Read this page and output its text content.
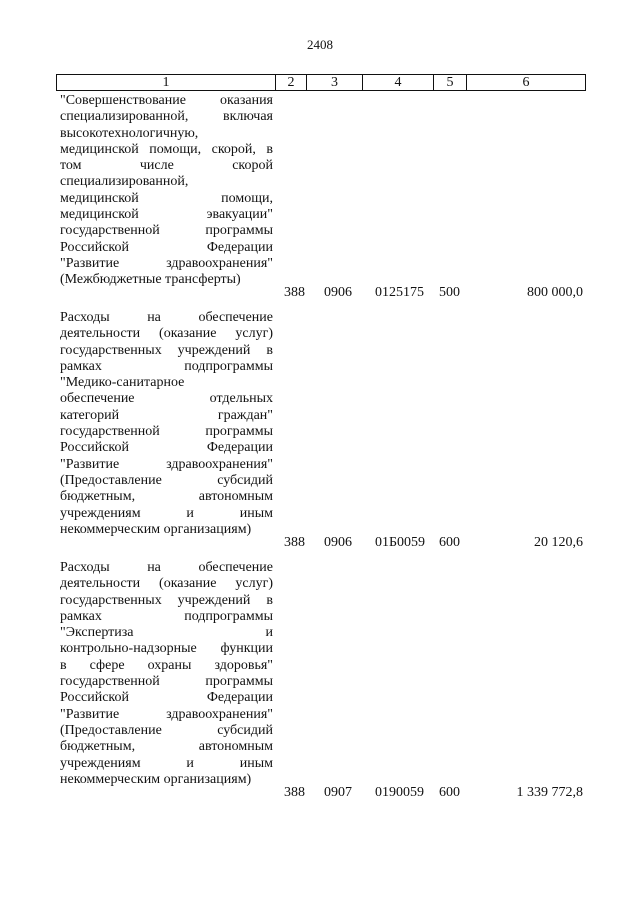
2408
1	2	3	4	5	6
"Совершенствование оказания
специализированной, включая
высокотехнологичную,
медицинской помощи, скорой, в
том числе скорой
специализированной,
медицинской помощи,
медицинской эвакуации"
государственной программы
Российской Федерации
"Развитие здравоохранения"
(Межбюджетные трансферты)
388 0906 0125175 500	800 000,0
Расходы на обеспечение
деятельности (оказание услуг)
государственных учреждений в
рамках подпрограммы
"Медико-санитарное
обеспечение отдельных
категорий граждан"
государственной программы
Российской Федерации
"Развитие здравоохранения"
(Предоставление субсидий
бюджетным, автономным
учреждениям и иным
некоммерческим организациям)
388 0906 01Б0059 600	20 120,6
Расходы на обеспечение
деятельности (оказание услуг)
государственных учреждений в
рамках подпрограммы
"Экспертиза и
контрольно-надзорные функции
в сфере охраны здоровья"
государственной программы
Российской Федерации
"Развитие здравоохранения"
(Предоставление субсидий
бюджетным, автономным
учреждениям и иным
некоммерческим организациям)
388 0907 0190059 600	1 339 772,8
